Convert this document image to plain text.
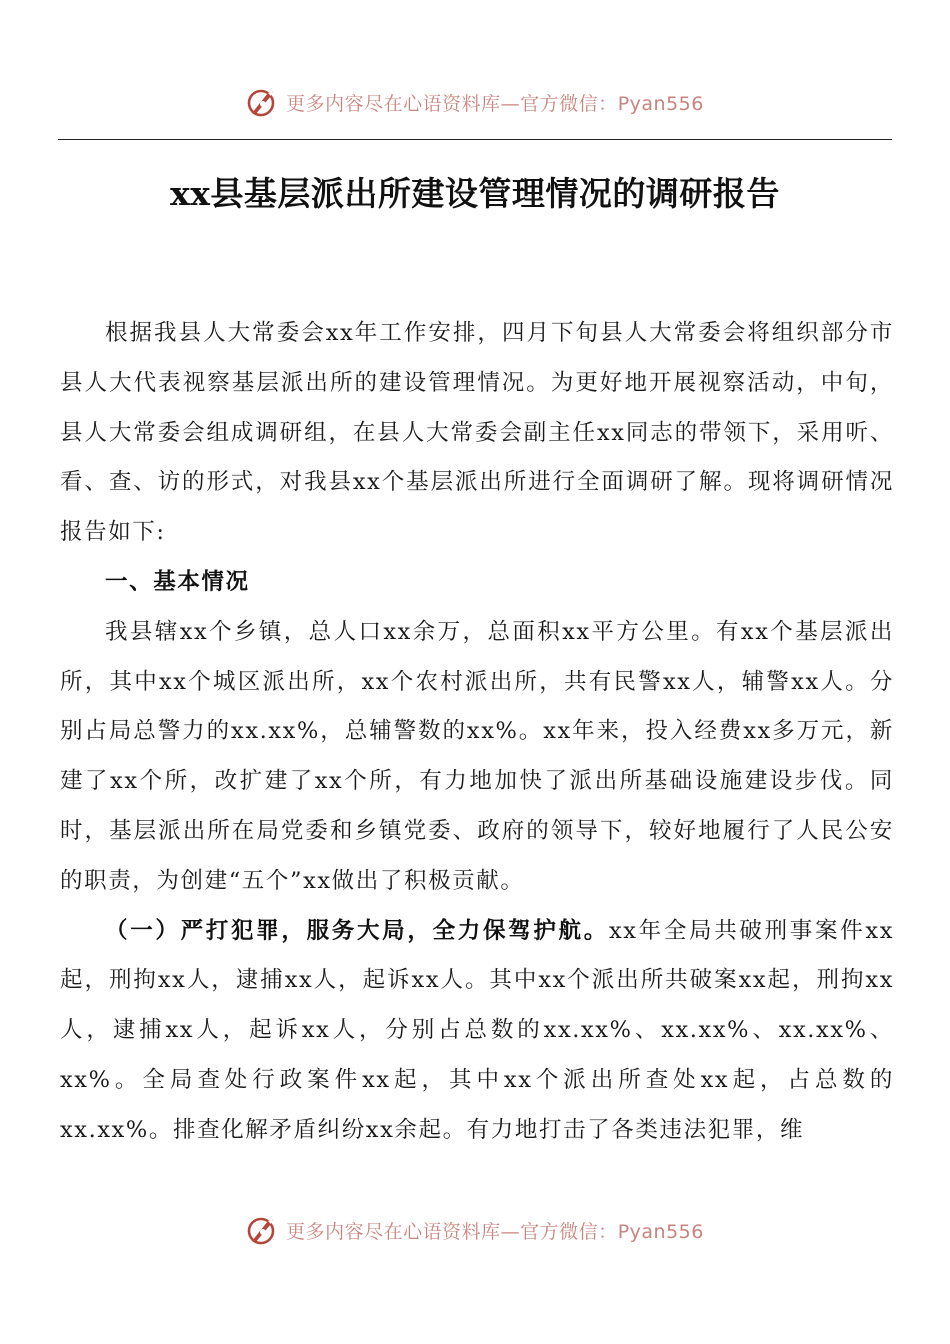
更多内容尽在心语资料库—官方微信：Pyan556
xx县基层派出所建设管理情况的调研报告

根据我县人大常委会xx年工作安排，四月下旬县人大常委会将组织部分市县人大代表视察基层派出所的建设管理情况。为更好地开展视察活动，中旬，县人大常委会组成调研组，在县人大常委会副主任xx同志的带领下，采用听、看、查、访的形式，对我县xx个基层派出所进行全面调研了解。现将调研情况报告如下:

一、基本情况

我县辖xx个乡镇，总人口xx余万，总面积xx平方公里。有xx个基层派出所，其中xx个城区派出所，xx个农村派出所，共有民警xx人，辅警xx人。分别占局总警力的xx.xx%，总辅警数的xx%。xx年来，投入经费xx多万元，新建了xx个所，改扩建了xx个所，有力地加快了派出所基础设施建设步伐。同时，基层派出所在局党委和乡镇党委、政府的领导下，较好地履行了人民公安的职责，为创建“五个”xx做出了积极贡献。

（一）严打犯罪，服务大局，全力保驾护航。xx年全局共破刑事案件xx起，刑拘xx人，逮捕xx人，起诉xx人。其中xx个派出所共破案xx起，刑拘xx人，逮捕xx人，起诉xx人，分别占总数的xx.xx%、xx.xx%、xx.xx%、xx%。全局查处行政案件xx起，其中xx个派出所查处xx起，占总数的xx.xx%。排查化解矛盾纠纷xx余起。有力地打击了各类违法犯罪，维

更多内容尽在心语资料库—官方微信：Pyan556
